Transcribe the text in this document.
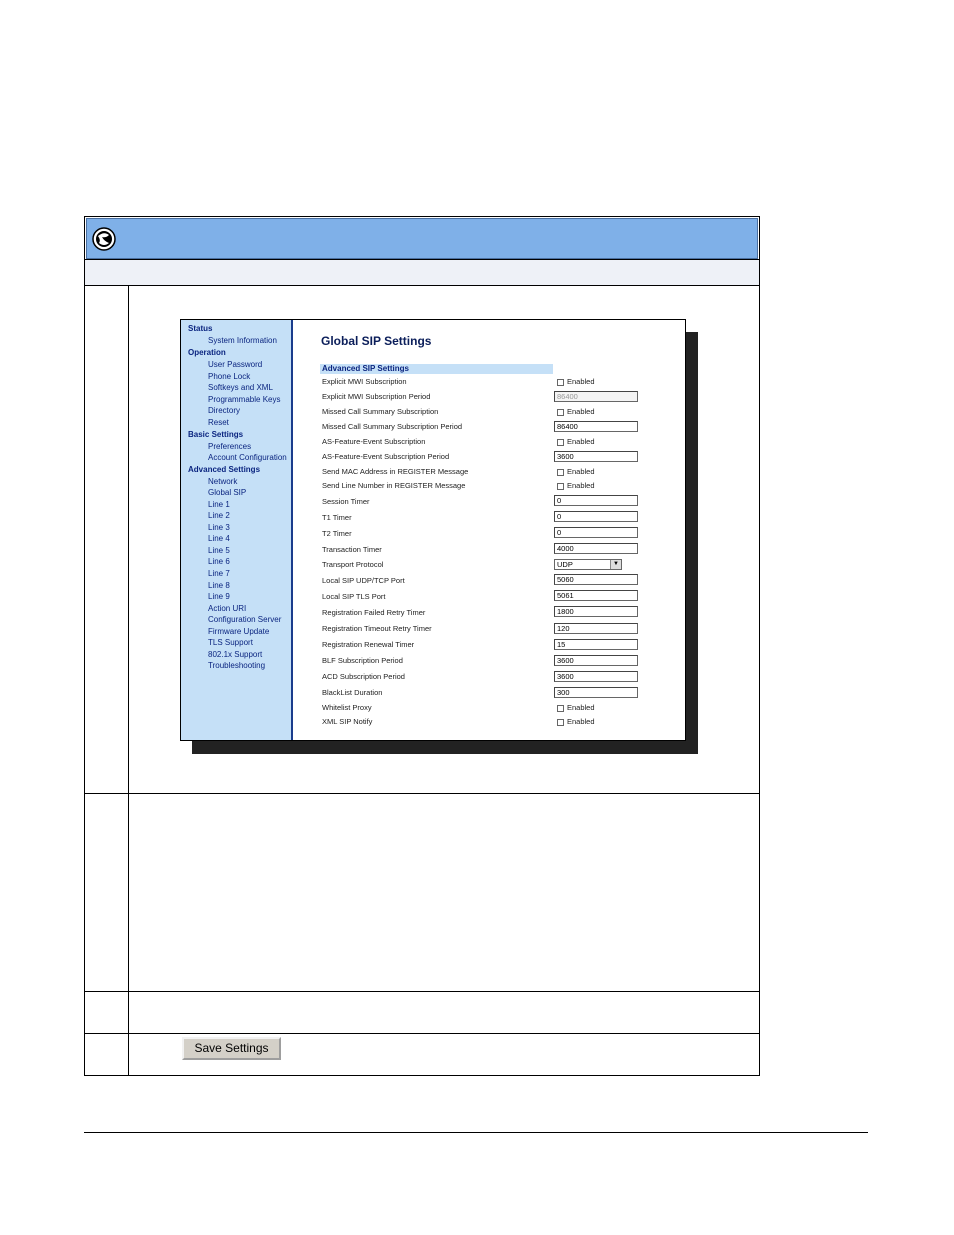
Status
System Information
Operation
User Password
Phone Lock
Softkeys and XML
Programmable Keys
Directory
Reset
Basic Settings
Preferences
Account Configuration
Advanced Settings
Network
Global SIP
Line 1
Line 2
Line 3
Line 4
Line 5
Line 6
Line 7
Line 8
Line 9
Action URI
Configuration Server
Firmware Update
TLS Support
802.1x Support
Troubleshooting
Global SIP Settings
Advanced SIP Settings
Explicit MWI Subscription	Enabled
Explicit MWI Subscription Period	86400
Missed Call Summary Subscription	Enabled
Missed Call Summary Subscription Period	86400
AS-Feature-Event Subscription	Enabled
AS-Feature-Event Subscription Period	3600
Send MAC Address in REGISTER Message	Enabled
Send Line Number in REGISTER Message	Enabled
Session Timer	0
T1 Timer	0
T2 Timer	0
Transaction Timer	4000
Transport Protocol	UDP	▼
Local SIP UDP/TCP Port	5060
Local SIP TLS Port	5061
Registration Failed Retry Timer	1800
Registration Timeout Retry Timer	120
Registration Renewal Timer	15
BLF Subscription Period	3600
ACD Subscription Period	3600
BlackList Duration	300
Whitelist Proxy	Enabled
XML SIP Notify	Enabled
Save Settings
